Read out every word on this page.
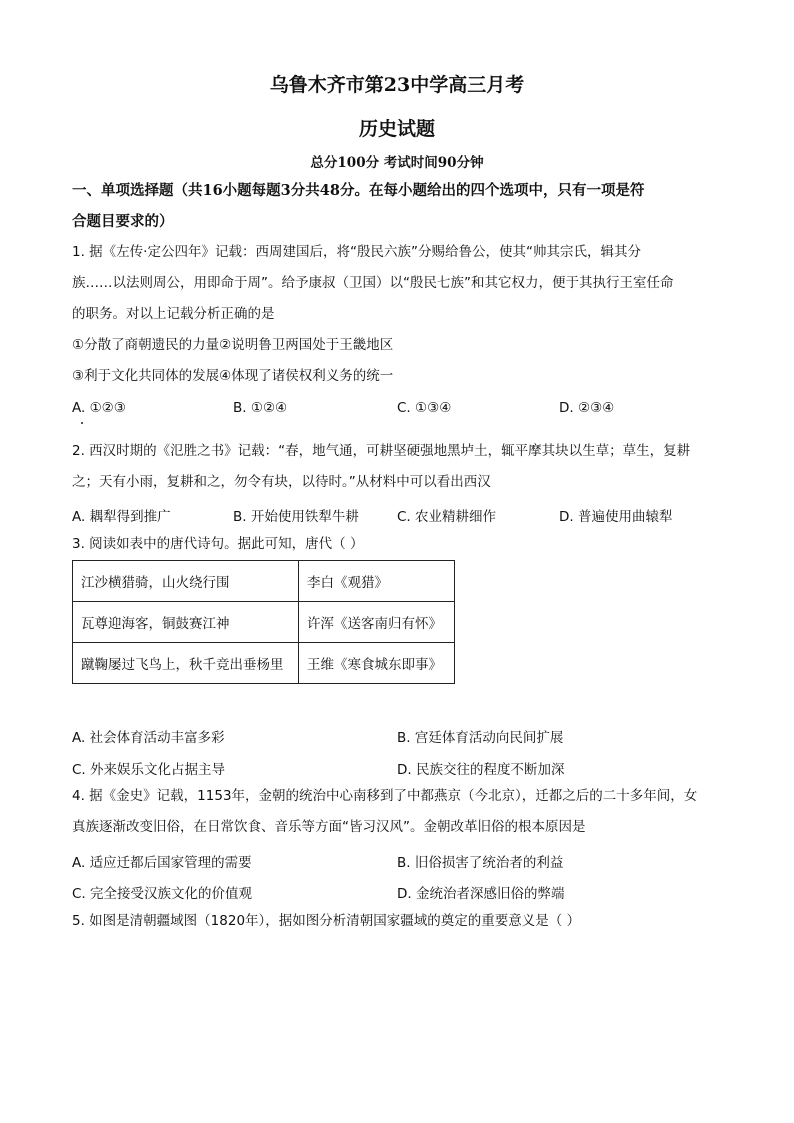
乌鲁木齐市第23中学高三月考
历史试题
总分100分 考试时间90分钟
一、单项选择题（共16小题每题3分共48分。在每小题给出的四个选项中，只有一项是符
合题目要求的）
1. 据《左传·定公四年》记载：西周建国后，将“殷民六族”分赐给鲁公，使其“帅其宗氏，辑其分
族……以法则周公，用即命于周”。给予康叔（卫国）以“殷民七族”和其它权力，便于其执行王室任命
的职务。对以上记载分析正确的是
①分散了商朝遗民的力量②说明鲁卫两国处于王畿地区
③利于文化共同体的发展④体现了诸侯权利义务的统一
A. ①②③	B. ①②④	C. ①③④	D. ②③④
2. 西汉时期的《氾胜之书》记载：“春，地气通，可耕坚硬强地黑垆土，辄平摩其块以生草；草生，复耕
之；天有小雨，复耕和之，勿令有块，以待时。”从材料中可以看出西汉
A. 耦犁得到推广	B. 开始使用铁犁牛耕	C. 农业精耕细作	D. 普遍使用曲辕犁
3. 阅读如表中的唐代诗句。据此可知，唐代（ ）
江沙横猎骑，山火绕行围	李白《观猎》
瓦尊迎海客，铜鼓赛江神	许浑《送客南归有怀》
蹴鞠屡过飞鸟上，秋千竞出垂杨里	王维《寒食城东即事》
A. 社会体育活动丰富多彩	B. 宫廷体育活动向民间扩展
C. 外来娱乐文化占据主导	D. 民族交往的程度不断加深
4. 据《金史》记载，1153年，金朝的统治中心南移到了中都燕京（今北京），迁都之后的二十多年间，女
真族逐渐改变旧俗，在日常饮食、音乐等方面“皆习汉风”。金朝改革旧俗的根本原因是
A. 适应迁都后国家管理的需要	B. 旧俗损害了统治者的利益
C. 完全接受汉族文化的价值观	D. 金统治者深感旧俗的弊端
5. 如图是清朝疆域图（1820年），据如图分析清朝国家疆域的奠定的重要意义是（ ）
